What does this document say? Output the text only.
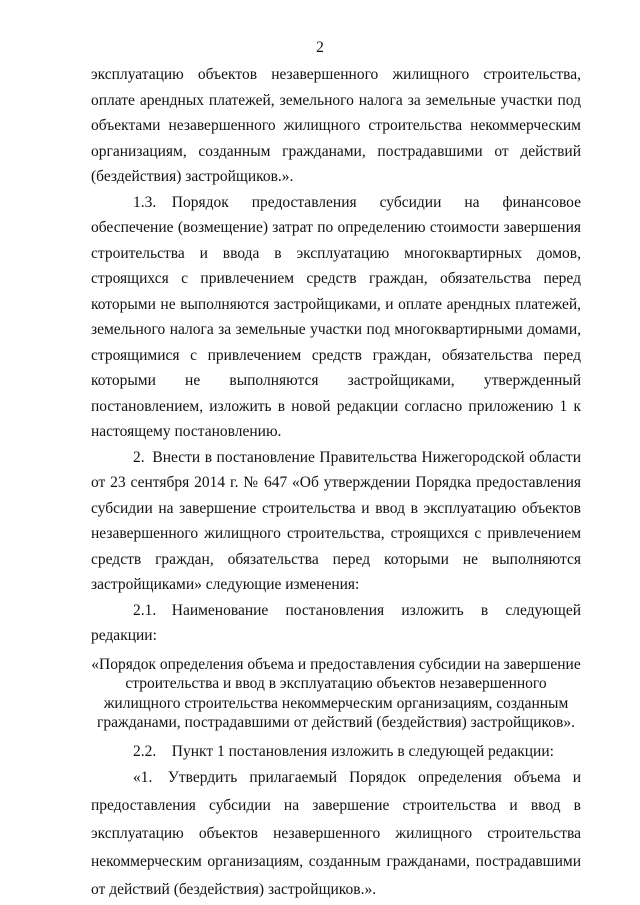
2

эксплуатацию объектов незавершенного жилищного строительства, оплате арендных платежей, земельного налога за земельные участки под объектами незавершенного жилищного строительства некоммерческим организациям, созданным гражданами, пострадавшими от действий (бездействия) застройщиков.».

1.3. Порядок предоставления субсидии на финансовое обеспечение (возмещение) затрат по определению стоимости завершения строительства и ввода в эксплуатацию многоквартирных домов, строящихся с привлечением средств граждан, обязательства перед которыми не выполняются застройщиками, и оплате арендных платежей, земельного налога за земельные участки под многоквартирными домами, строящимися с привлечением средств граждан, обязательства перед которыми не выполняются застройщиками, утвержденный постановлением, изложить в новой редакции согласно приложению 1 к настоящему постановлению.

2. Внести в постановление Правительства Нижегородской области от 23 сентября 2014 г. № 647 «Об утверждении Порядка предоставления субсидии на завершение строительства и ввод в эксплуатацию объектов незавершенного жилищного строительства, строящихся с привлечением средств граждан, обязательства перед которыми не выполняются застройщиками» следующие изменения:

2.1. Наименование постановления изложить в следующей редакции:

«Порядок определения объема и предоставления субсидии на завершение строительства и ввод в эксплуатацию объектов незавершенного жилищного строительства некоммерческим организациям, созданным гражданами, пострадавшими от действий (бездействия) застройщиков».

2.2. Пункт 1 постановления изложить в следующей редакции:

«1. Утвердить прилагаемый Порядок определения объема и предоставления субсидии на завершение строительства и ввод в эксплуатацию объектов незавершенного жилищного строительства некоммерческим организациям, созданным гражданами, пострадавшими от действий (бездействия) застройщиков.».
